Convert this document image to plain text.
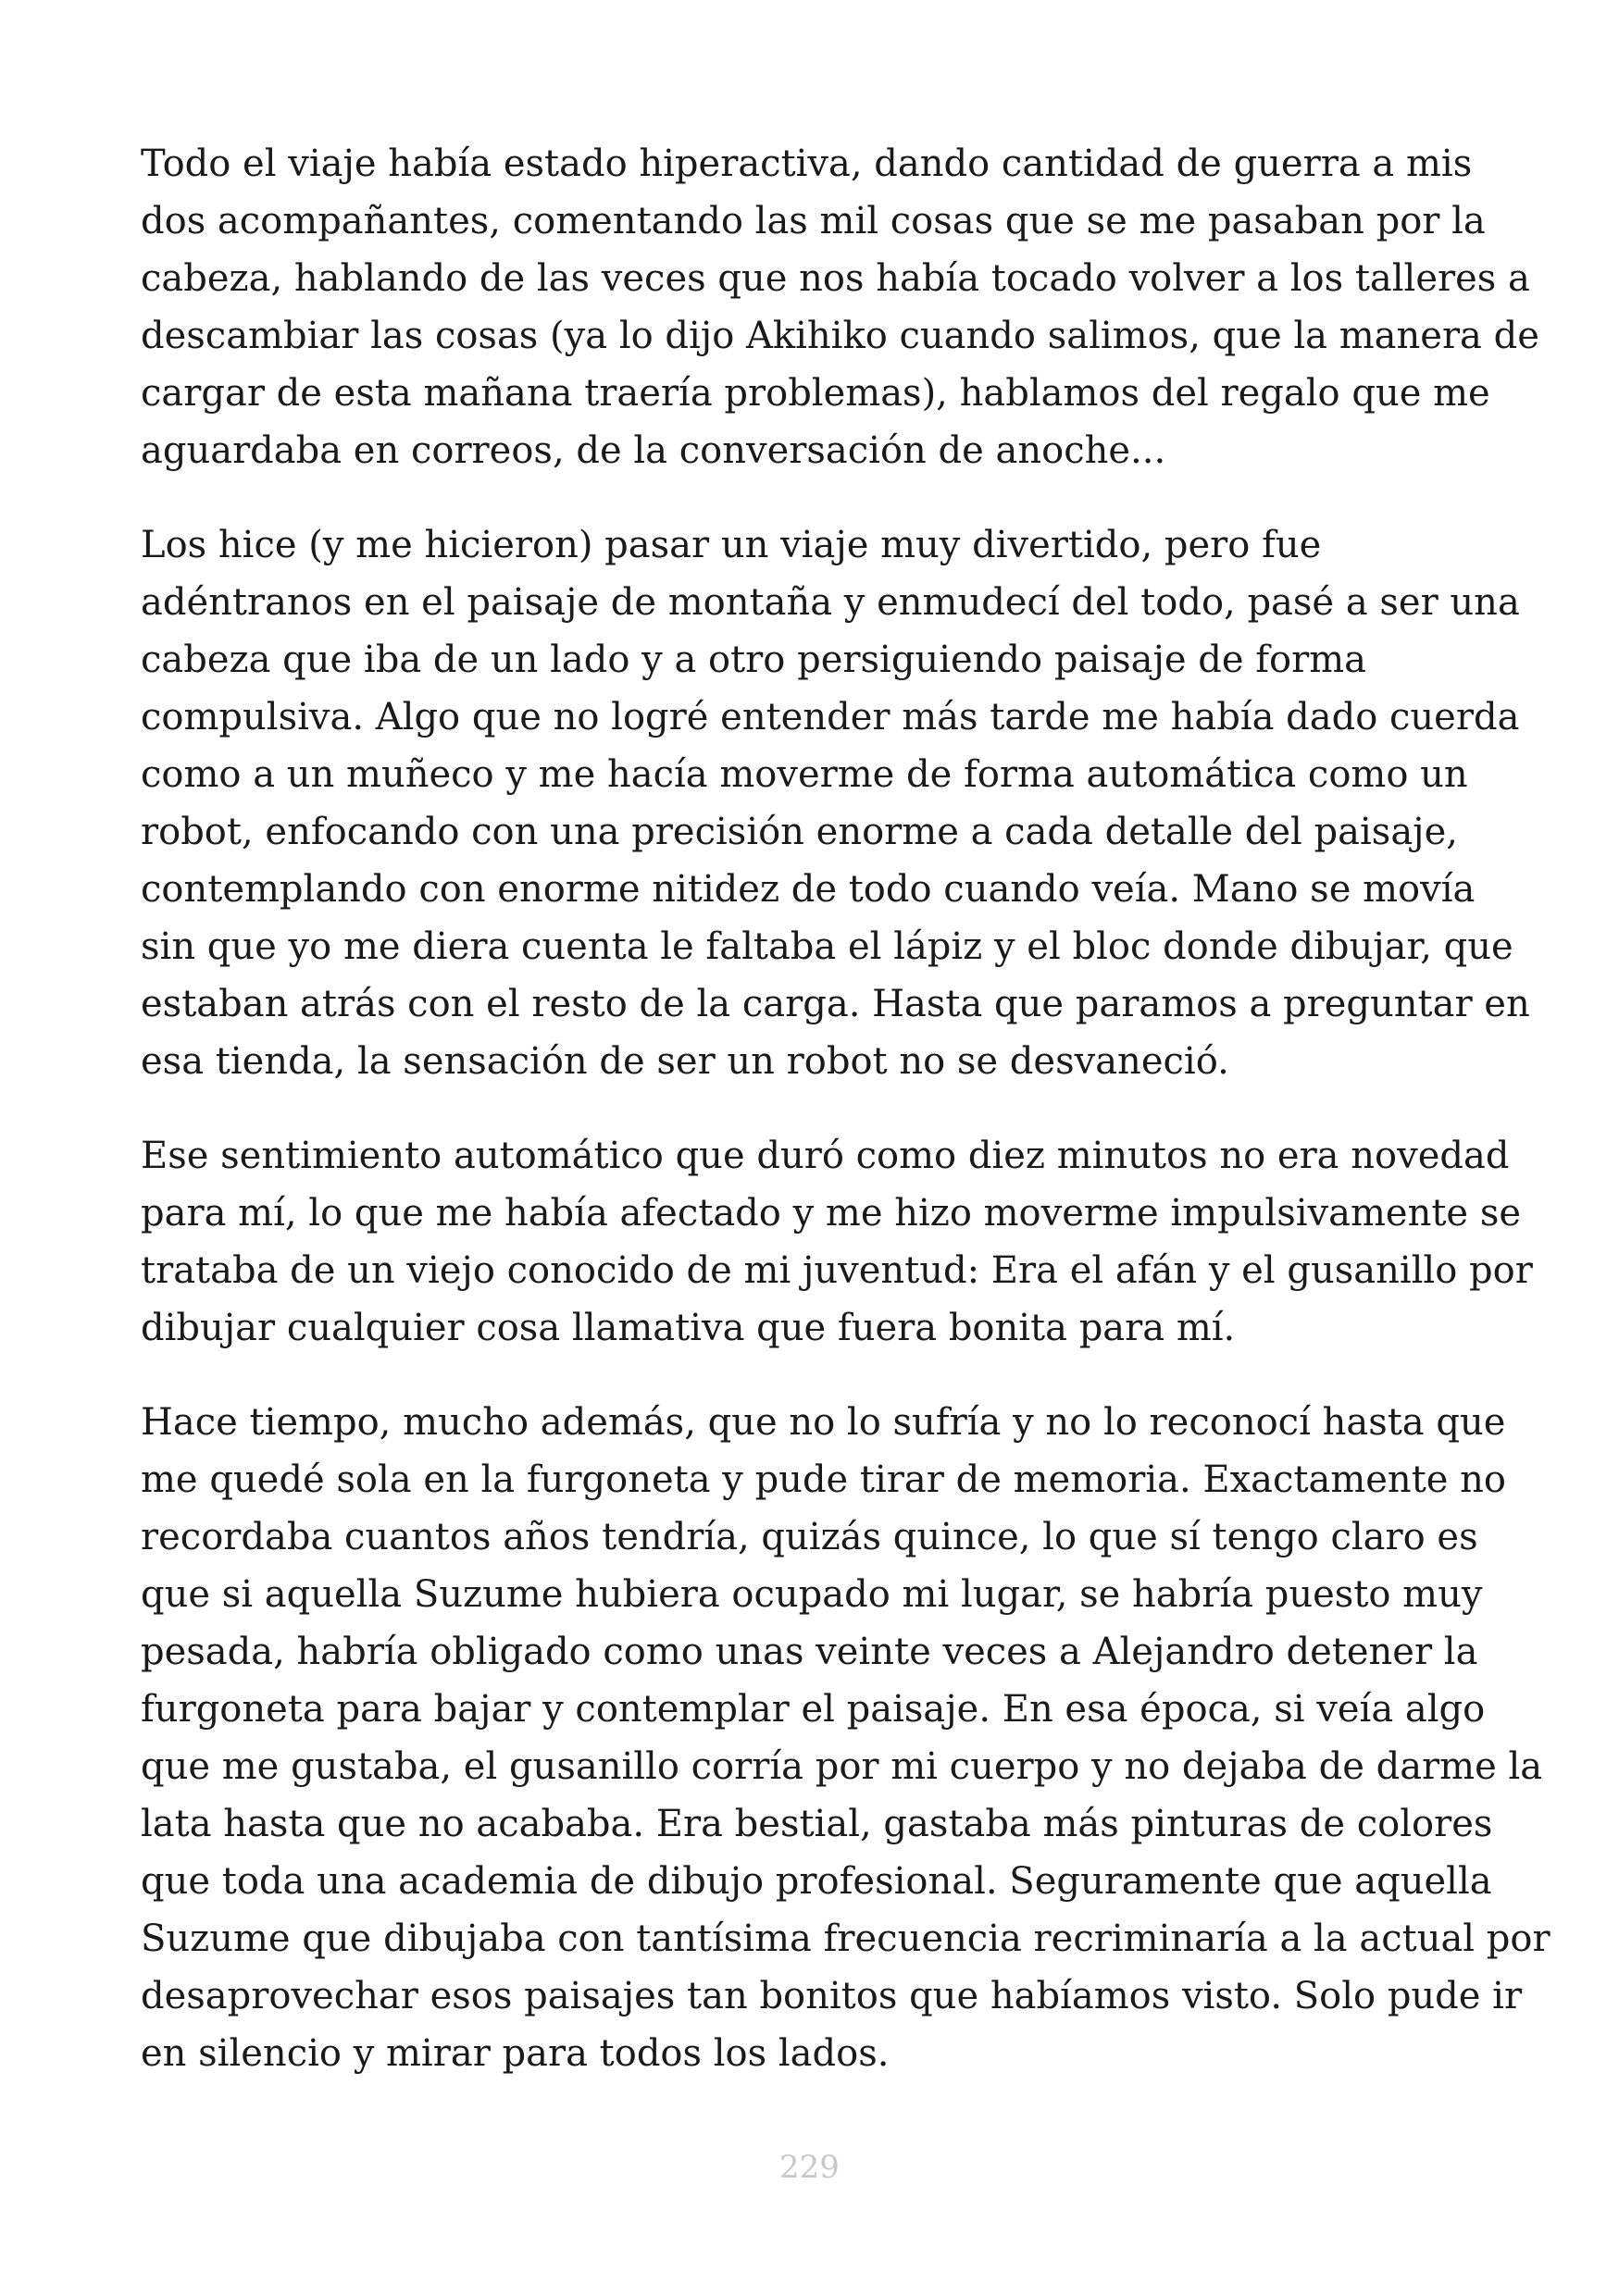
Todo el viaje había estado hiperactiva, dando cantidad de guerra a mis
dos acompañantes, comentando las mil cosas que se me pasaban por la
cabeza, hablando de las veces que nos había tocado volver a los talleres a
descambiar las cosas (ya lo dijo Akihiko cuando salimos, que la manera de
cargar de esta mañana traería problemas), hablamos del regalo que me
aguardaba en correos, de la conversación de anoche...

Los hice (y me hicieron) pasar un viaje muy divertido, pero fue
adéntranos en el paisaje de montaña y enmudecí del todo, pasé a ser una
cabeza que iba de un lado y a otro persiguiendo paisaje de forma
compulsiva. Algo que no logré entender más tarde me había dado cuerda
como a un muñeco y me hacía moverme de forma automática como un
robot, enfocando con una precisión enorme a cada detalle del paisaje,
contemplando con enorme nitidez de todo cuando veía. Mano se movía
sin que yo me diera cuenta le faltaba el lápiz y el bloc donde dibujar, que
estaban atrás con el resto de la carga. Hasta que paramos a preguntar en
esa tienda, la sensación de ser un robot no se desvaneció.

Ese sentimiento automático que duró como diez minutos no era novedad
para mí, lo que me había afectado y me hizo moverme impulsivamente se
trataba de un viejo conocido de mi juventud: Era el afán y el gusanillo por
dibujar cualquier cosa llamativa que fuera bonita para mí.

Hace tiempo, mucho además, que no lo sufría y no lo reconocí hasta que
me quedé sola en la furgoneta y pude tirar de memoria. Exactamente no
recordaba cuantos años tendría, quizás quince, lo que sí tengo claro es
que si aquella Suzume hubiera ocupado mi lugar, se habría puesto muy
pesada, habría obligado como unas veinte veces a Alejandro detener la
furgoneta para bajar y contemplar el paisaje. En esa época, si veía algo
que me gustaba, el gusanillo corría por mi cuerpo y no dejaba de darme la
lata hasta que no acababa. Era bestial, gastaba más pinturas de colores
que toda una academia de dibujo profesional. Seguramente que aquella
Suzume que dibujaba con tantísima frecuencia recriminaría a la actual por
desaprovechar esos paisajes tan bonitos que habíamos visto. Solo pude ir
en silencio y mirar para todos los lados.

229
